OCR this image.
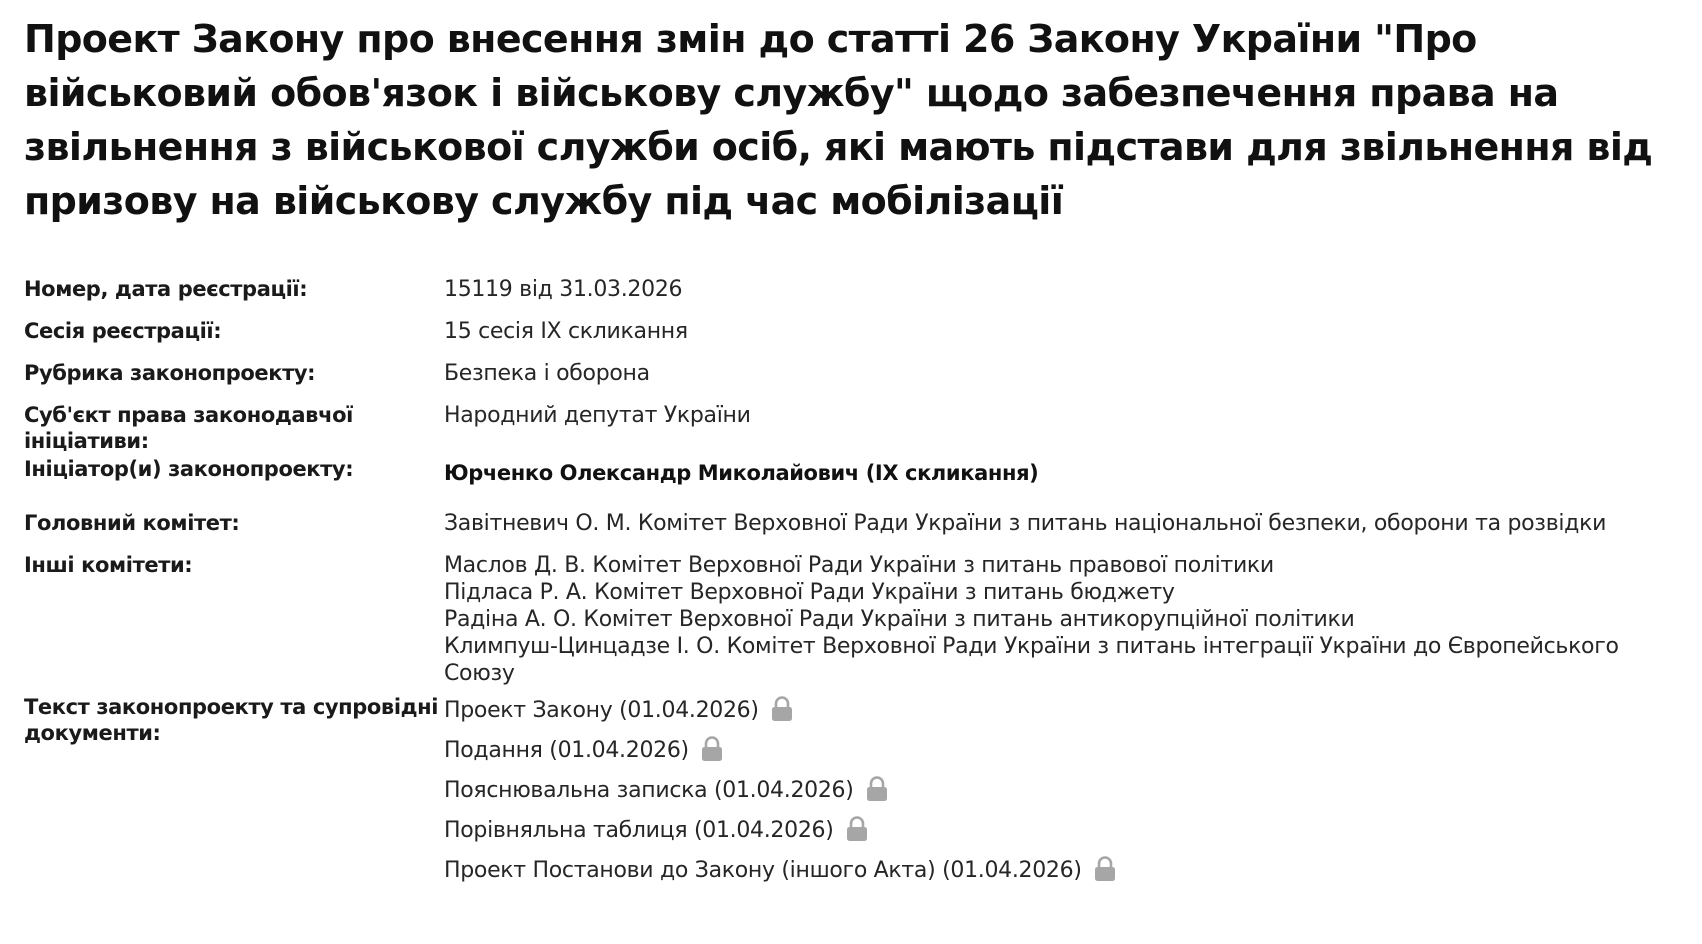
Проект Закону про внесення змін до статті 26 Закону України "Про військовий обов'язок і військову службу" щодо забезпечення права на звільнення з військової служби осіб, які мають підстави для звільнення від призову на військову службу під час мобілізації
Номер, дата реєстрації:	15119 від 31.03.2026
Сесія реєстрації:	15 сесія IX скликання
Рубрика законопроекту:	Безпека і оборона
Суб'єкт права законодавчої ініціативи:
Народний депутат України
Ініціатор(и) законопроекту:	Юрченко Олександр Миколайович (IX скликання)
Головний комітет:	Завітневич О. М. Комітет Верховної Ради України з питань національної безпеки, оборони та розвідки
Інші комітети:	Маслов Д. В. Комітет Верховної Ради України з питань правової політики
Підласа Р. А. Комітет Верховної Ради України з питань бюджету
Радіна А. О. Комітет Верховної Ради України з питань антикорупційної політики
Климпуш-Цинцадзе І. О. Комітет Верховної Ради України з питань інтеграції України до Європейського Союзу
Текст законопроекту та супровідні документи:
Проект Закону (01.04.2026)
Подання (01.04.2026)
Пояснювальна записка (01.04.2026)
Порівняльна таблиця (01.04.2026)
Проект Постанови до Закону (іншого Акта) (01.04.2026)
